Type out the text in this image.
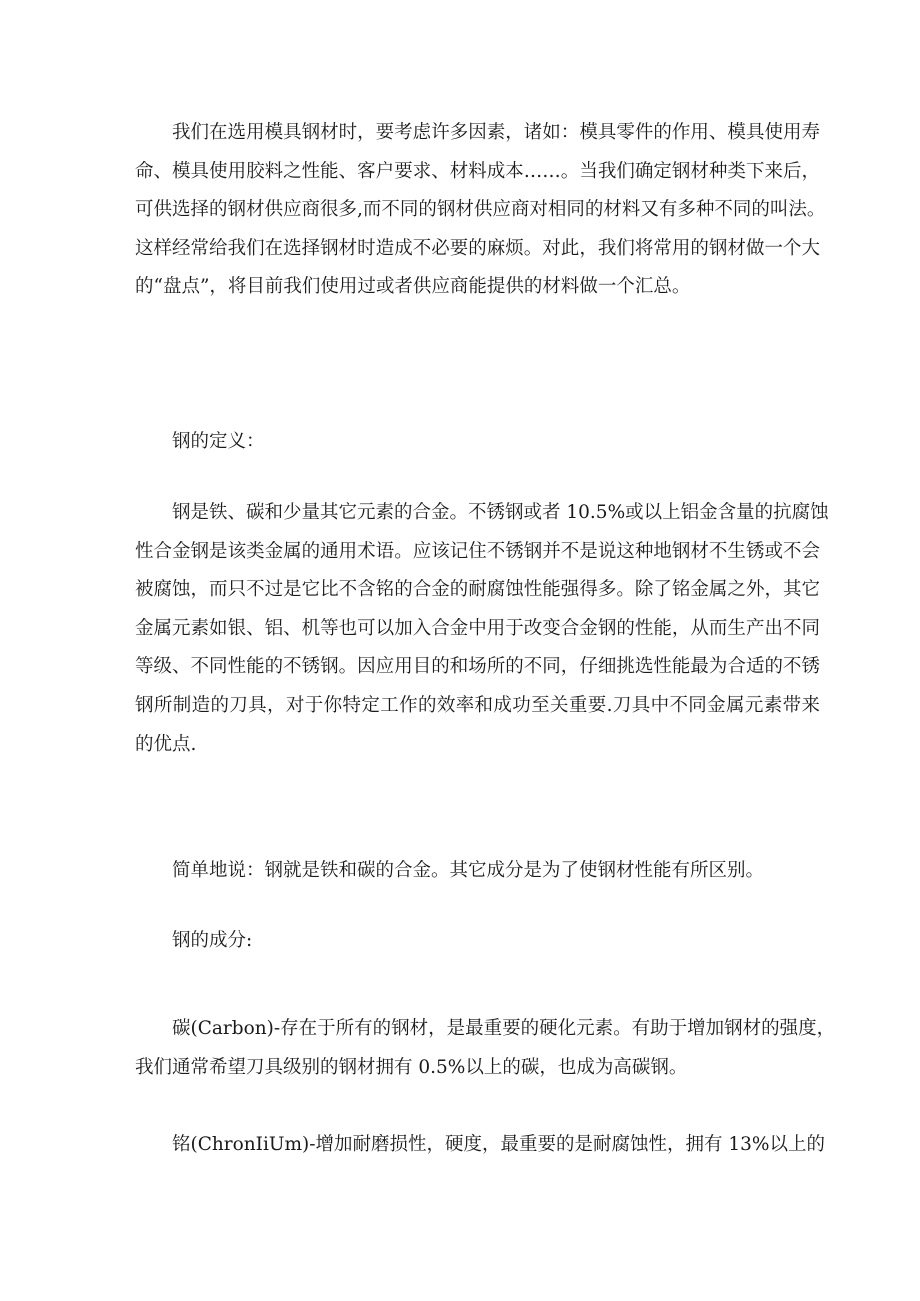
我们在选用模具钢材时，要考虑许多因素，诸如：模具零件的作用、模具使用寿
命、模具使用胶料之性能、客户要求、材料成本……。当我们确定钢材种类下来后，
可供选择的钢材供应商很多,而不同的钢材供应商对相同的材料又有多种不同的叫法。
这样经常给我们在选择钢材时造成不必要的麻烦。对此，我们将常用的钢材做一个大
的“盘点”，将目前我们使用过或者供应商能提供的材料做一个汇总。
钢的定义：
钢是铁、碳和少量其它元素的合金。不锈钢或者 10.5%或以上铝金含量的抗腐蚀
性合金钢是该类金属的通用术语。应该记住不锈钢并不是说这种地钢材不生锈或不会
被腐蚀，而只不过是它比不含铭的合金的耐腐蚀性能强得多。除了铭金属之外，其它
金属元素如银、铝、机等也可以加入合金中用于改变合金钢的性能，从而生产出不同
等级、不同性能的不锈钢。因应用目的和场所的不同，仔细挑选性能最为合适的不锈
钢所制造的刀具，对于你特定工作的效率和成功至关重要.刀具中不同金属元素带来
的优点.
简单地说：钢就是铁和碳的合金。其它成分是为了使钢材性能有所区别。
钢的成分:
碳(Carbon)-存在于所有的钢材，是最重要的硬化元素。有助于增加钢材的强度，
我们通常希望刀具级别的钢材拥有 0.5%以上的碳，也成为高碳钢。
铭(ChronIiUm)-增加耐磨损性，硬度，最重要的是耐腐蚀性，拥有 13%以上的
